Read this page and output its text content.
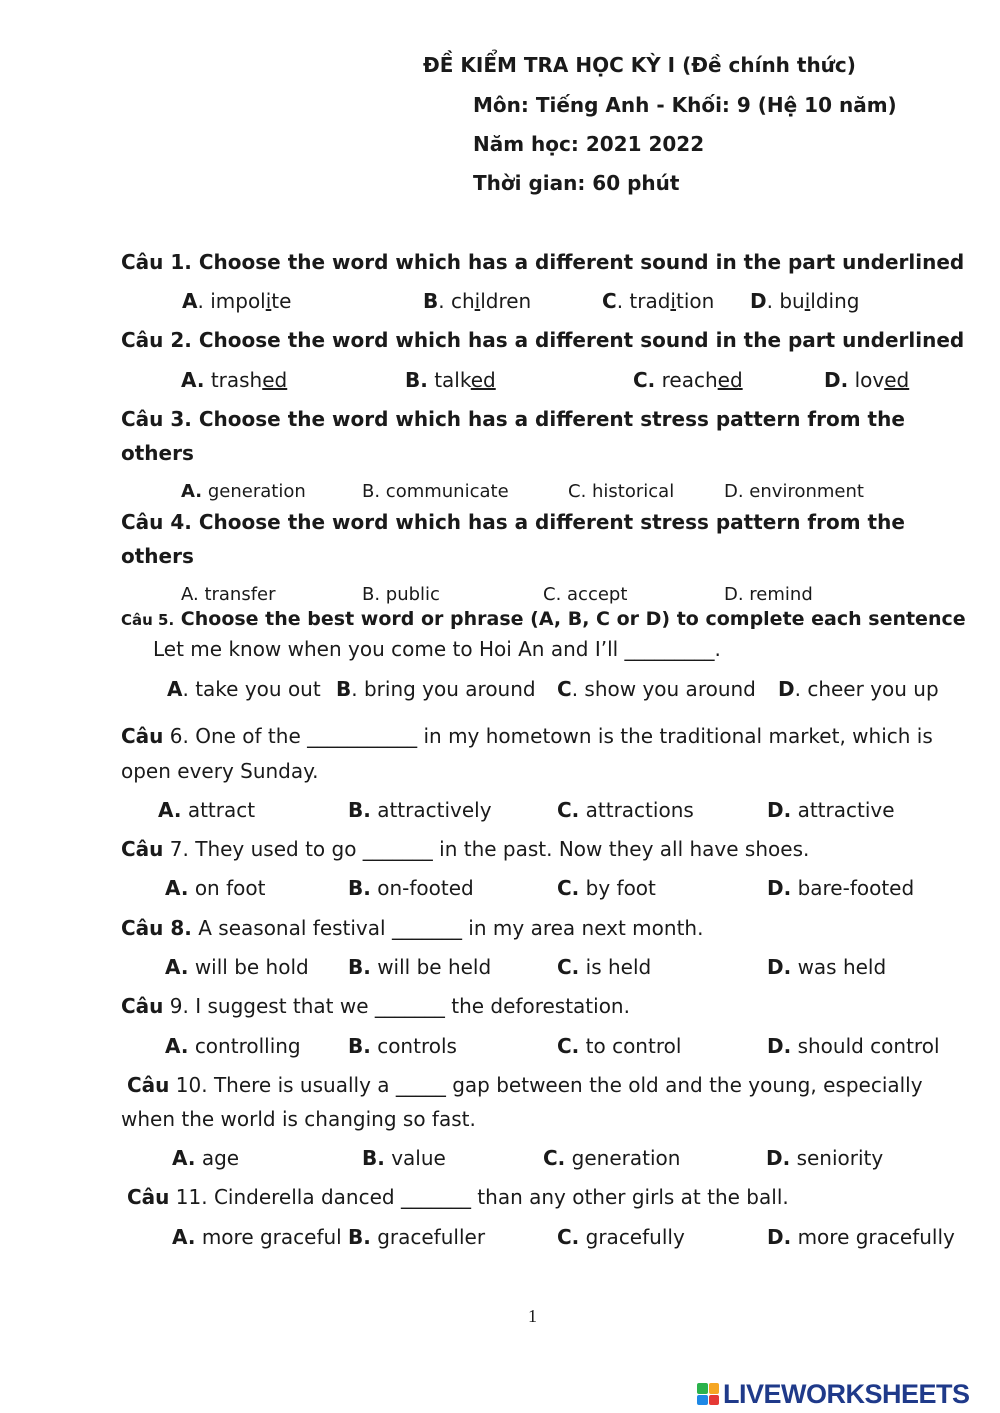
ĐỀ KIỂM TRA HỌC KỲ I (Đề chính thức)
Môn: Tiếng Anh - Khối: 9 (Hệ 10 năm)
Năm học: 2021 2022
Thời gian: 60 phút
Câu 1. Choose the word which has a different sound in the part underlined
A. impolite	B. children	C. tradition D. building
Câu 2. Choose the word which has a different sound in the part underlined
A. trashed	B. talked	C. reached	D. loved
Câu 3. Choose the word which has a different stress pattern from the
others
A. generation	B. communicate	C. historical	D. environment
Câu 4. Choose the word which has a different stress pattern from the
others
A. transfer	B. public	C. accept	D. remind
Câu 5. Choose the best word or phrase (A, B, C or D) to complete each sentence
Let me know when you come to Hoi An and I’ll _________.
A. take you out B. bring you around C. show you around D. cheer you up
Câu 6. One of the ___________ in my hometown is the traditional market, which is
open every Sunday.
A. attract	B. attractively	C. attractions	D. attractive
Câu 7. They used to go _______ in the past. Now they all have shoes.
A. on foot	B. on-footed	C. by foot	D. bare-footed
Câu 8. A seasonal festival _______ in my area next month.
A. will be hold B. will be held	C. is held	D. was held
Câu 9. I suggest that we _______ the deforestation.
A. controlling B. controls	C. to control	D. should control
Câu 10. There is usually a _____ gap between the old and the young, especially
when the world is changing so fast.
A. age	B. value	C. generation	D. seniority
Câu 11. Cinderella danced _______ than any other girls at the ball.
A. more graceful B. gracefuller	C. gracefully	D. more gracefully
1
LIVEWORKSHEETS
